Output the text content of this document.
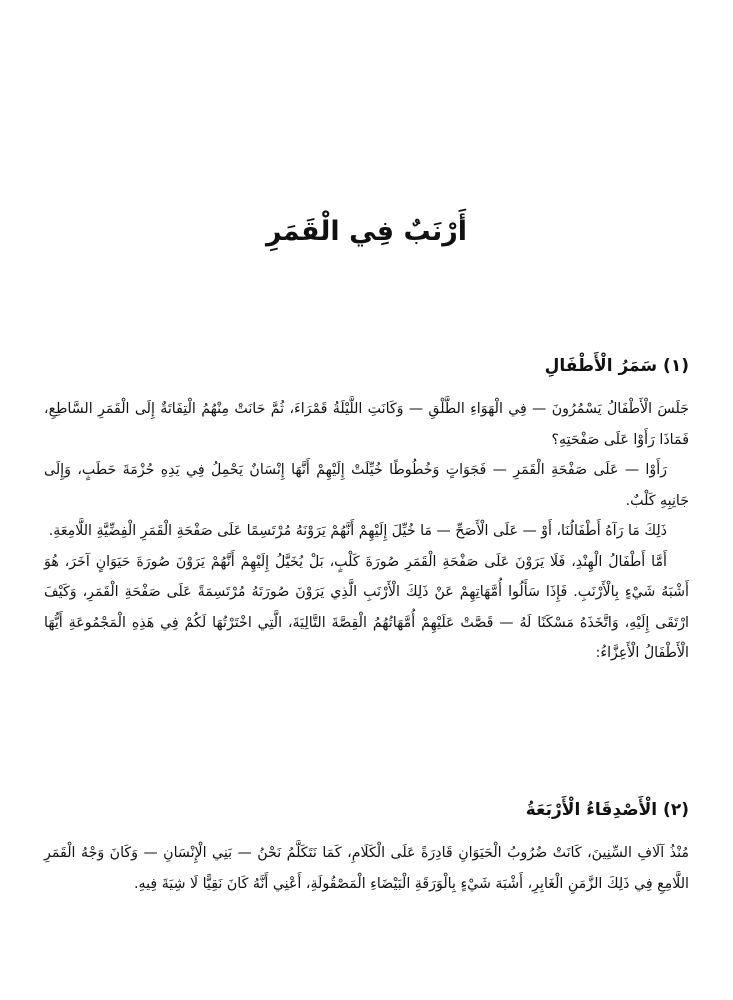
أَرْنَبٌ فِي الْقَمَرِ
(١) سَمَرُ الْأَطْفَالِ

جَلَسَ الْأَطْفَالُ يَسْمُرُونَ — فِي الْهَوَاءِ الطَّلْقِ — وَكَانَتِ اللَّيْلَةُ قَمْرَاءَ، ثُمَّ حَانَتْ مِنْهُمُ الْتِفَاتَةٌ إِلَى الْقَمَرِ السَّاطِعِ، فَمَاذَا رَأَوْا عَلَى صَفْحَتِهِ؟

رَأَوْا — عَلَى صَفْحَةِ الْقَمَرِ — فَجَوَاتٍ وَخُطُوطًا خُيِّلَتْ إِلَيْهِمْ أَنَّهَا إِنْسَانٌ يَحْمِلُ فِي يَدِهِ حُزْمَةَ حَطَبٍ، وَإِلَى جَانِبِهِ كَلْبٌ.

ذَلِكَ مَا رَآهُ أَطْفَالُنَا، أَوْ — عَلَى الْأَصَحِّ — مَا خُيِّلَ إِلَيْهِمْ أَنَّهُمْ يَرَوْنَهُ مُرْتَسِمًا عَلَى صَفْحَةِ الْقَمَرِ الْفِضِّيَّةِ اللَّامِعَةِ.

أَمَّا أَطْفَالُ الْهِنْدِ، فَلَا يَرَوْنَ عَلَى صَفْحَةِ الْقَمَرِ صُورَةَ كَلْبٍ، بَلْ يُخَيَّلُ إِلَيْهِمْ أَنَّهُمْ يَرَوْنَ صُورَةَ حَيَوَانٍ آخَرَ، هُوَ أَشْبَهُ شَيْءٍ بِالْأَرْنَبِ. فَإِذَا سَأَلُوا أُمَّهَاتِهِمْ عَنْ ذَلِكَ الْأَرْنَبِ الَّذِي يَرَوْنَ صُورَتَهُ مُرْتَسِمَةً عَلَى صَفْحَةِ الْقَمَرِ، وَكَيْفَ ارْتَقَى إِلَيْهِ، وَاتَّخَذَهُ مَسْكَنًا لَهُ — قَصَّتْ عَلَيْهِمْ أُمَّهَاتُهُمُ الْقِصَّةَ التَّالِيَةَ، الَّتِي اخْتَرْتُهَا لَكُمْ فِي هَذِهِ الْمَجْمُوعَةِ أَيُّهَا الْأَطْفَالُ الْأَعِزَّاءُ:

(٢) الْأَصْدِقَاءُ الْأَرْبَعَةُ

مُنْذُ آلَافِ السِّنِينَ، كَانَتْ ضُرُوبُ الْحَيَوَانِ قَادِرَةً عَلَى الْكَلَامِ، كَمَا نَتَكَلَّمُ نَحْنُ — بَنِي الْإِنْسَانِ — وَكَانَ وَجْهُ الْقَمَرِ اللَّامِعِ فِي ذَلِكَ الزَّمَنِ الْغَابِرِ، أَشْبَهَ شَيْءٍ بِالْوَرَقَةِ الْبَيْضَاءِ الْمَصْقُولَةِ، أَعْنِي أَنَّهُ كَانَ نَقِيًّا لَا شِيَةَ فِيهِ.
